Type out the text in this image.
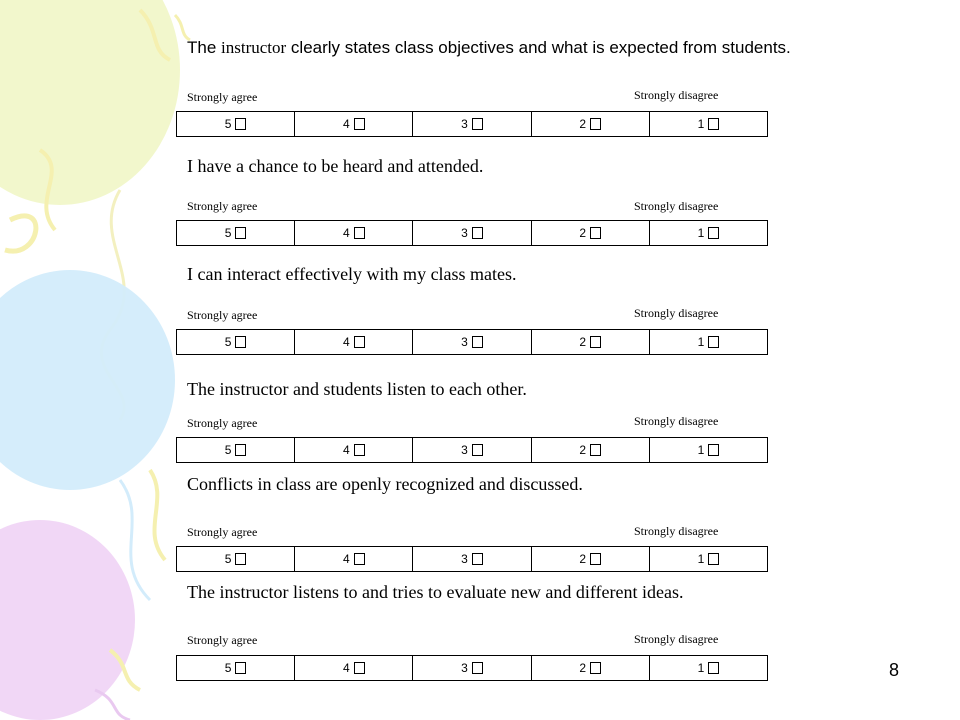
The instructor clearly states class objectives and what is expected from students.
Strongly agree	Strongly disagree
5	4	3	2	1
I have a chance to be heard and attended.
Strongly agree	Strongly disagree
5	4	3	2	1
I can interact effectively with my class mates.
Strongly agree	Strongly disagree
5	4	3	2	1
The instructor and students listen to each other.
Strongly agree	Strongly disagree
5	4	3	2	1
Conflicts in class are openly recognized and discussed.
Strongly agree	Strongly disagree
5	4	3	2	1
The instructor listens to and tries to evaluate new and different ideas.
Strongly agree	Strongly disagree
5	4	3	2	1	8
